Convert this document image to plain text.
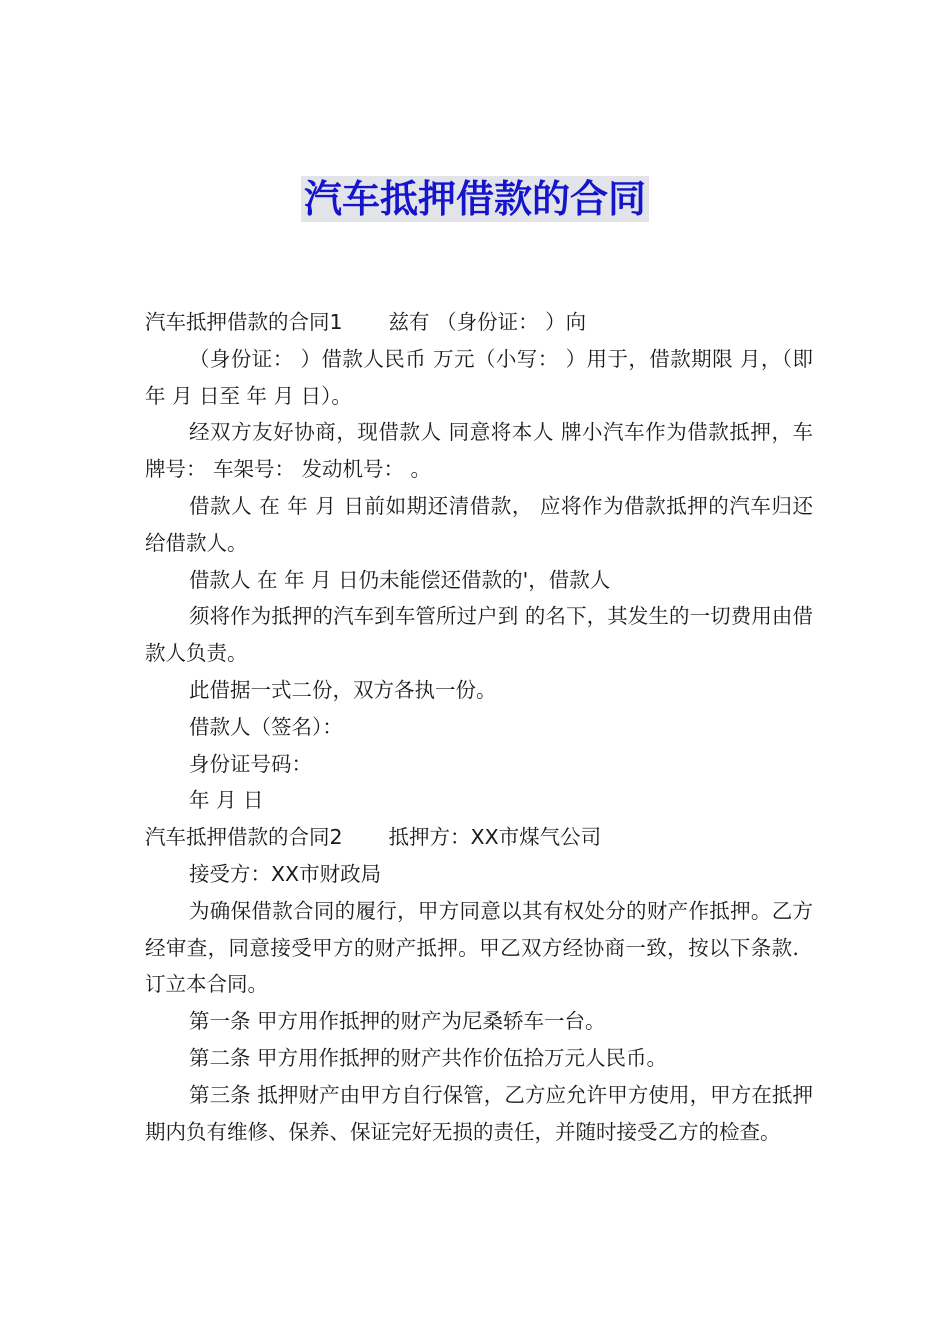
汽车抵押借款的合同

汽车抵押借款的合同1 兹有 （身份证： ）向

（身份证： ）借款人民币 万元（小写： ）用于，借款期限 月，（即 年 月 日至 年 月 日）。

经双方友好协商，现借款人 同意将本人 牌小汽车作为借款抵押，车牌号： 车架号： 发动机号： 。

借款人 在 年 月 日前如期还清借款， 应将作为借款抵押的汽车归还给借款人。

借款人 在 年 月 日仍未能偿还借款的'，借款人

须将作为抵押的汽车到车管所过户到 的名下，其发生的一切费用由借款人负责。

此借据一式二份，双方各执一份。

借款人（签名）：

身份证号码：

年 月 日

汽车抵押借款的合同2 抵押方：XX市煤气公司

接受方：XX市财政局

为确保借款合同的履行，甲方同意以其有权处分的财产作抵押。乙方经审查，同意接受甲方的财产抵押。甲乙双方经协商一致，按以下条款．订立本合同。

第一条 甲方用作抵押的财产为尼桑轿车一台。

第二条 甲方用作抵押的财产共作价伍拾万元人民币。

第三条 抵押财产由甲方自行保管，乙方应允许甲方使用，甲方在抵押期内负有维修、保养、保证完好无损的责任，并随时接受乙方的检查。
